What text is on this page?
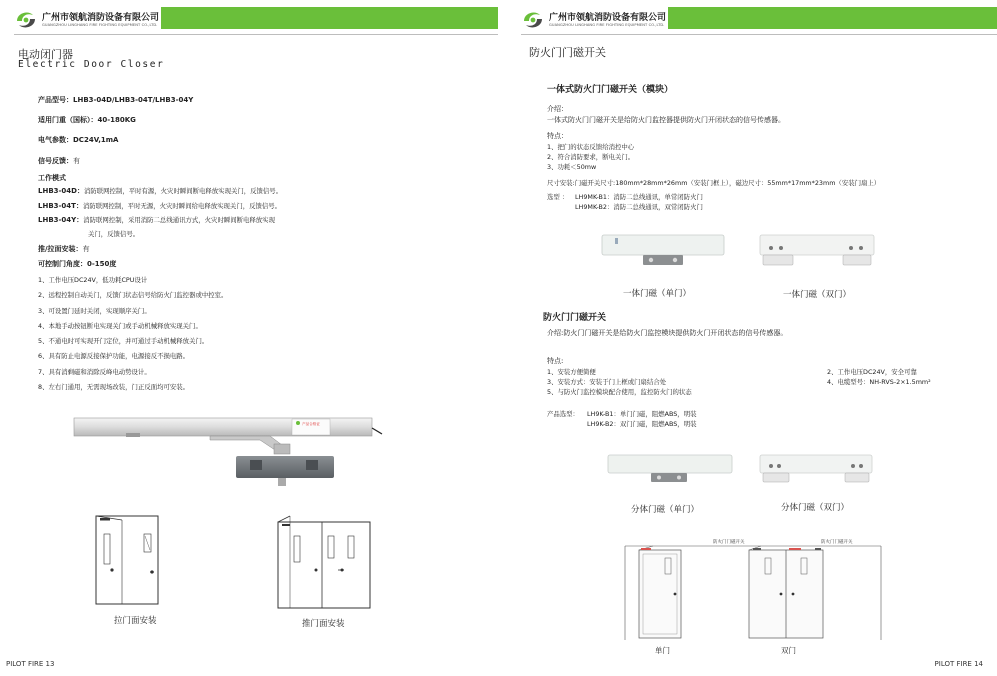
广州市领航消防设备有限公司
GUANGZHOU LINGHANG FIRE FIGHTING EQUIPMENT CO.,LTD.
电动闭门器
Electric Door Closer
产品型号：LHB3-04D/LHB3-04T/LHB3-04Y
适用门重（国标）：40-180KG
电气参数：DC24V,1mA
信号反馈：有
工作模式
LHB3-04D：消防联网控制，平时有源，火灾时瞬间断电释放实现关门，反馈信号。
LHB3-04T：消防联网控制，平时无源，火灾时瞬间给电释放实现关门，反馈信号。
LHB3-04Y：消防联网控制，采用消防二总线通讯方式，火灾时瞬间断电释放实现
关门，反馈信号。
推/拉面安装：有
可控制门角度：0-150度
1、工作电压DC24V，低功耗CPU设计
2、远程控制自动关门，反馈门状态信号给防火门监控器或中控室。
3、可设置门延时关闭，实现顺序关门。
4、本地手动按钮断电实现关门或手动机械释放实现关门。
5、不通电时可实现开门定位，并可通过手动机械释放关门。
6、具有防止电源反接保护功能，电源接反不损电路。
7、具有消剩磁和消除反峰电动势设计。
8、左右门通用，无需现场改装，门正反面均可安装。
产品合格证
拉门面安装	推门面安装
PILOT FIRE 13
广州市领航消防设备有限公司
GUANGZHOU LINGHANG FIRE FIGHTING EQUIPMENT CO.,LTD.
防火门门磁开关
一体式防火门门磁开关（模块）
介绍：
一体式防火门门磁开关是给防火门监控器提供防火门开闭状态的信号传感器。
特点：
1、把门的状态反馈给消控中心
2、符合消防要求，断电关门。
3、功耗＜50mw
尺寸安装:门磁开关尺寸:180mm*28mm*26mm（安装门框上），磁边尺寸：55mm*17mm*23mm（安装门扇上）
选型 ： LH9MK-B1：消防二总线通讯，单常闭防火门
LH9MK-B2：消防二总线通讯，双常闭防火门
一体门磁（单门）	一体门磁（双门）
防火门门磁开关
介绍:防火门门磁开关是给防火门监控模块提供防火门开闭状态的信号传感器。
特点:
1、安装方便简便
3、安装方式：安装于门上框或门扇结合处
5、与防火门监控模块配合使用，监控防火门的状态
2、工作电压DC24V，安全可靠
4、电缆型号：NH-RVS-2×1.5mm²
产品选型： LH9K-B1：单门门磁，阻燃ABS，明装
LH9K-B2：双门门磁，阻燃ABS，明装
分体门磁（单门）	分体门磁（双门）
防火门门磁开关	防火门门磁开关
单门	双门
PILOT FIRE 14
